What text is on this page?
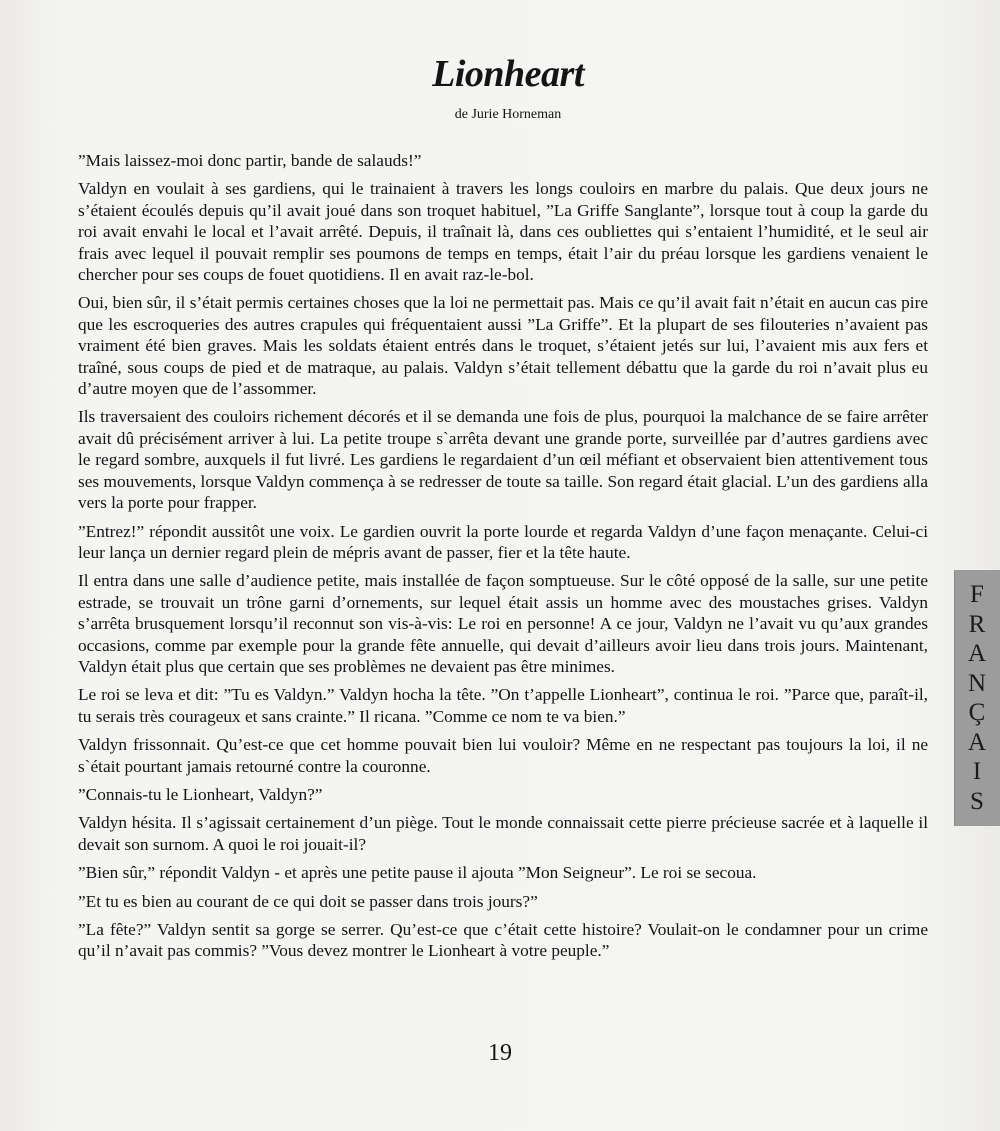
Lionheart
de Jurie Horneman

”Mais laissez-moi donc partir, bande de salauds!”

Valdyn en voulait à ses gardiens, qui le trainaient à travers les longs couloirs en marbre du palais. Que deux jours ne s’étaient écoulés depuis qu’il avait joué dans son troquet habituel, ”La Griffe Sanglante”, lorsque tout à coup la garde du roi avait envahi le local et l’avait arrêté. Depuis, il traînait là, dans ces oubliettes qui s’entaient l’humidité, et le seul air frais avec lequel il pouvait remplir ses poumons de temps en temps, était l’air du préau lorsque les gardiens venaient le chercher pour ses coups de fouet quotidiens. Il en avait raz-le-bol.

Oui, bien sûr, il s’était permis certaines choses que la loi ne permettait pas. Mais ce qu’il avait fait n’était en aucun cas pire que les escroqueries des autres crapules qui fréquentaient aussi ”La Griffe”. Et la plupart de ses filouteries n’avaient pas vraiment été bien graves. Mais les soldats étaient entrés dans le troquet, s’étaient jetés sur lui, l’avaient mis aux fers et traîné, sous coups de pied et de matraque, au palais. Valdyn s’était tellement débattu que la garde du roi n’avait plus eu d’autre moyen que de l’assommer.

Ils traversaient des couloirs richement décorés et il se demanda une fois de plus, pourquoi la malchance de se faire arrêter avait dû précisément arriver à lui. La petite troupe s`arrêta devant une grande porte, surveillée par d’autres gardiens avec le regard sombre, auxquels il fut livré. Les gardiens le regardaient d’un œil méfiant et observaient bien attentivement tous ses mouvements, lorsque Valdyn commença à se redresser de toute sa taille. Son regard était glacial. L’un des gardiens alla vers la porte pour frapper.

”Entrez!” répondit aussitôt une voix. Le gardien ouvrit la porte lourde et regarda Valdyn d’une façon menaçante. Celui-ci leur lança un dernier regard plein de mépris avant de passer, fier et la tête haute.

Il entra dans une salle d’audience petite, mais installée de façon somptueuse. Sur le côté opposé de la salle, sur une petite estrade, se trouvait un trône garni d’ornements, sur lequel était assis un homme avec des moustaches grises. Valdyn s’arrêta brusquement lorsqu’il reconnut son vis-à-vis: Le roi en personne! A ce jour, Valdyn ne l’avait vu qu’aux grandes occasions, comme par exemple pour la grande fête annuelle, qui devait d’ailleurs avoir lieu dans trois jours. Maintenant, Valdyn était plus que certain que ses problèmes ne devaient pas être minimes.

Le roi se leva et dit: ”Tu es Valdyn.” Valdyn hocha la tête. ”On t’appelle Lionheart”, continua le roi. ”Parce que, paraît-il, tu serais très courageux et sans crainte.” Il ricana. ”Comme ce nom te va bien.”

Valdyn frissonnait. Qu’est-ce que cet homme pouvait bien lui vouloir? Même en ne respectant pas toujours la loi, il ne s`était pourtant jamais retourné contre la couronne.

”Connais-tu le Lionheart, Valdyn?”

Valdyn hésita. Il s’agissait certainement d’un piège. Tout le monde connaissait cette pierre précieuse sacrée et à laquelle il devait son surnom. A quoi le roi jouait-il?

”Bien sûr,” répondit Valdyn - et après une petite pause il ajouta ”Mon Seigneur”. Le roi se secoua.

”Et tu es bien au courant de ce qui doit se passer dans trois jours?”

”La fête?” Valdyn sentit sa gorge se serrer. Qu’est-ce que c’était cette histoire? Voulait-on le condamner pour un crime qu’il n’avait pas commis? ”Vous devez montrer le Lionheart à votre peuple.”

F
R
A
N
Ç
A
I
S
19
